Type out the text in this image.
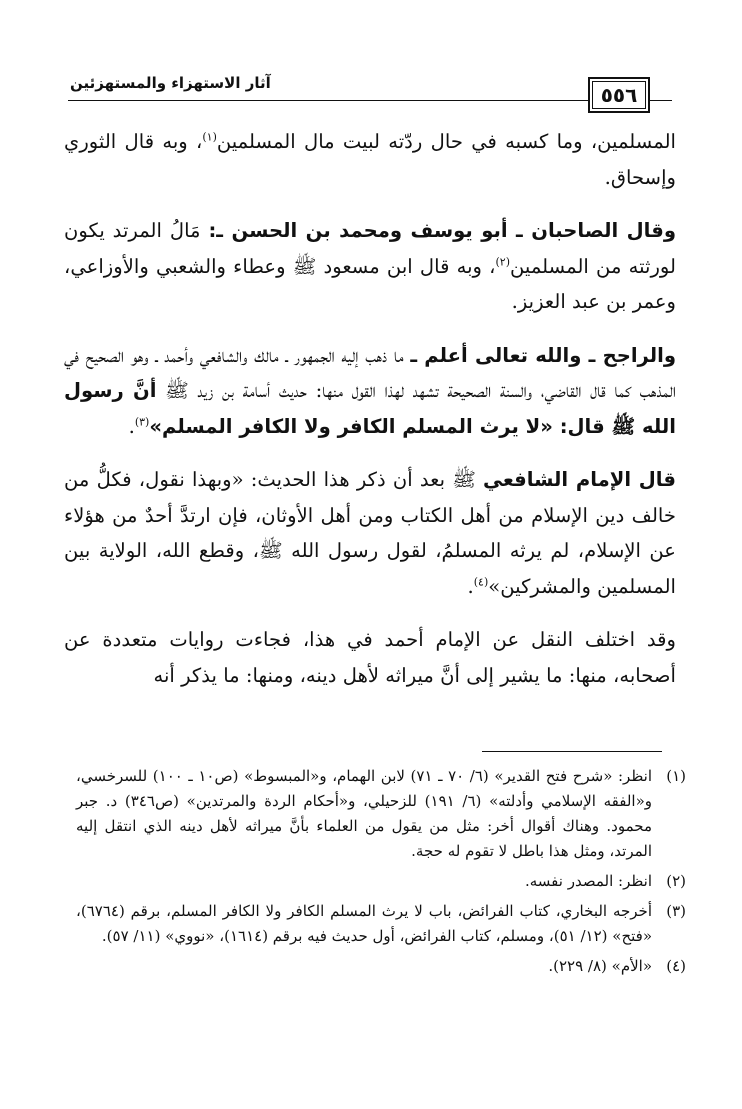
آثار الاستهزاء والمستهزئين	٥٥٦

المسلمين، وما كسبه في حال ردّته لبيت مال المسلمين$^{(١)}$، وبه قال الثوري وإسحاق.

وقال الصاحبان ـ أبو يوسف ومحمد بن الحسن ـ: مَالُ المرتد يكون لورثته من المسلمين$^{(٢)}$، وبه قال ابن مسعود ﷺ وعطاء والشعبي والأوزاعي، وعمر بن عبد العزيز.

والراجح ـ والله تعالى أعلم ـ ما ذهب إليه الجمهور ـ مالك والشافعي وأحمد ـ وهو الصحيح في المذهب كما قال القاضي، والسنة الصحيحة تشهد لهذا القول منها: حديث أسامة بن زيد ﷺ أنَّ رسول الله ﷺ قال: «لا يرث المسلم الكافر ولا الكافر المسلم»$^{(٣)}$.

قال الإمام الشافعي ﷺ بعد أن ذكر هذا الحديث: «وبهذا نقول، فكلُّ من خالف دين الإسلام من أهل الكتاب ومن أهل الأوثان، فإن ارتدَّ أحدٌ من هؤلاء عن الإسلام، لم يرثه المسلمُ، لقول رسول الله ﷺ، وقطع الله، الولاية بين المسلمين والمشركين»$^{(٤)}$.

وقد اختلف النقل عن الإمام أحمد في هذا، فجاءت روايات متعددة عن أصحابه، منها: ما يشير إلى أنَّ ميراثه لأهل دينه، ومنها: ما يذكر أنه

(١)
انظر: «شرح فتح القدير» (٦/ ٧٠ ـ ٧١) لابن الهمام، و«المبسوط» (ص١٠ ـ ١٠٠) للسرخسي، و«الفقه الإسلامي وأدلته» (٦/ ١٩١) للزحيلي، و«أحكام الردة والمرتدين» (ص٣٤٦) د. جبر محمود. وهناك أقوال أخر: مثل من يقول من العلماء بأنَّ ميراثه لأهل دينه الذي انتقل إليه المرتد، ومثل هذا باطل لا تقوم له حجة.
(٢)
انظر: المصدر نفسه.
(٣)
أخرجه البخاري، كتاب الفرائض، باب لا يرث المسلم الكافر ولا الكافر المسلم، برقم (٦٧٦٤)، «فتح» (١٢/ ٥١)، ومسلم، كتاب الفرائض، أول حديث فيه برقم (١٦١٤)، «نووي» (١١/ ٥٧).
(٤)
«الأم» (٨/ ٢٢٩).
